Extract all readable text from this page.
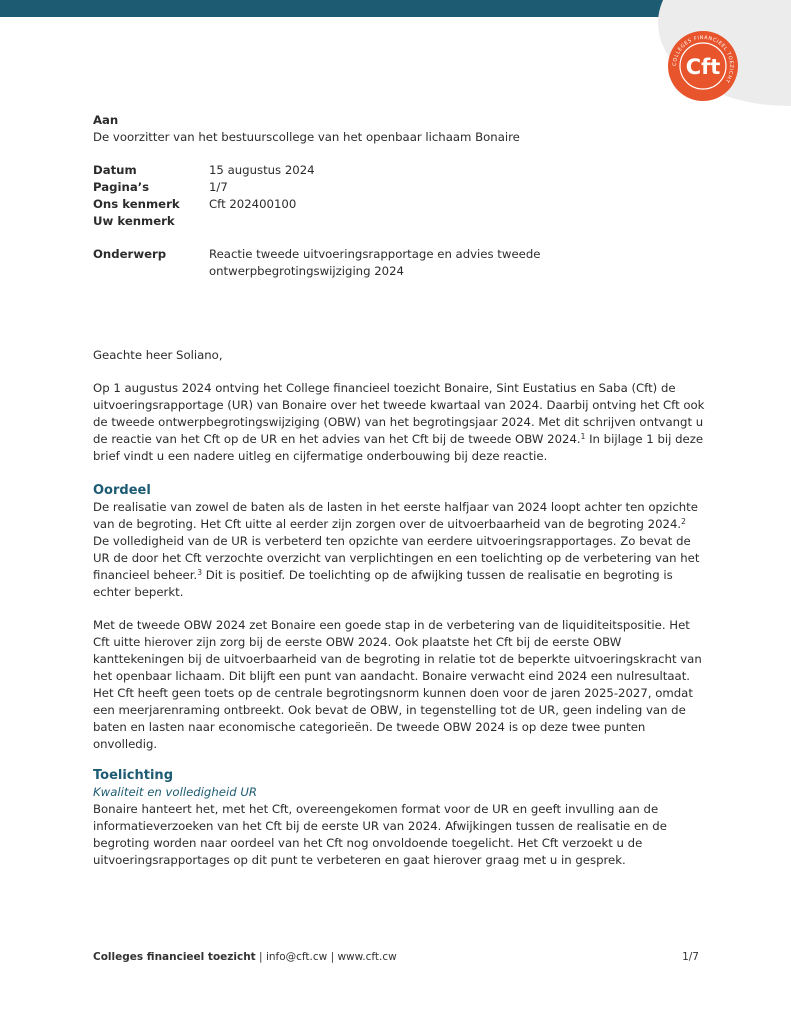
COLLEGES FINANCIEEL TOEZICHT
Cft
Aan
De voorzitter van het bestuurscollege van het openbaar lichaam Bonaire
Datum	15 augustus 2024
Pagina’s	1/7
Ons kenmerk	Cft 202400100
Uw kenmerk
Onderwerp	Reactie tweede uitvoeringsrapportage en advies tweede ontwerpbegrotingswijziging 2024

Geachte heer Soliano,

Op 1 augustus 2024 ontving het College financieel toezicht Bonaire, Sint Eustatius en Saba (Cft) de uitvoeringsrapportage (UR) van Bonaire over het tweede kwartaal van 2024. Daarbij ontving het Cft ook de tweede ontwerpbegrotingswijziging (OBW) van het begrotingsjaar 2024. Met dit schrijven ontvangt u de reactie van het Cft op de UR en het advies van het Cft bij de tweede OBW 2024.$^1$ In bijlage 1 bij deze brief vindt u een nadere uitleg en cijfermatige onderbouwing bij deze reactie.

Oordeel

De realisatie van zowel de baten als de lasten in het eerste halfjaar van 2024 loopt achter ten opzichte van de begroting. Het Cft uitte al eerder zijn zorgen over de uitvoerbaarheid van de begroting 2024.$^2$ De volledigheid van de UR is verbeterd ten opzichte van eerdere uitvoeringsrapportages. Zo bevat de UR de door het Cft verzochte overzicht van verplichtingen en een toelichting op de verbetering van het financieel beheer.$^3$ Dit is positief. De toelichting op de afwijking tussen de realisatie en begroting is echter beperkt.

Met de tweede OBW 2024 zet Bonaire een goede stap in de verbetering van de liquiditeitspositie. Het Cft uitte hierover zijn zorg bij de eerste OBW 2024. Ook plaatste het Cft bij de eerste OBW kanttekeningen bij de uitvoerbaarheid van de begroting in relatie tot de beperkte uitvoeringskracht van het openbaar lichaam. Dit blijft een punt van aandacht. Bonaire verwacht eind 2024 een nulresultaat. Het Cft heeft geen toets op de centrale begrotingsnorm kunnen doen voor de jaren 2025-2027, omdat een meerjarenraming ontbreekt. Ook bevat de OBW, in tegenstelling tot de UR, geen indeling van de baten en lasten naar economische categorieën. De tweede OBW 2024 is op deze twee punten onvolledig.

Toelichting
Kwaliteit en volledigheid UR

Bonaire hanteert het, met het Cft, overeengekomen format voor de UR en geeft invulling aan de informatieverzoeken van het Cft bij de eerste UR van 2024. Afwijkingen tussen de realisatie en de begroting worden naar oordeel van het Cft nog onvoldoende toegelicht. Het Cft verzoekt u de uitvoeringsrapportages op dit punt te verbeteren en gaat hierover graag met u in gesprek.

Colleges financieel toezicht | info@cft.cw | www.cft.cw	1/7
